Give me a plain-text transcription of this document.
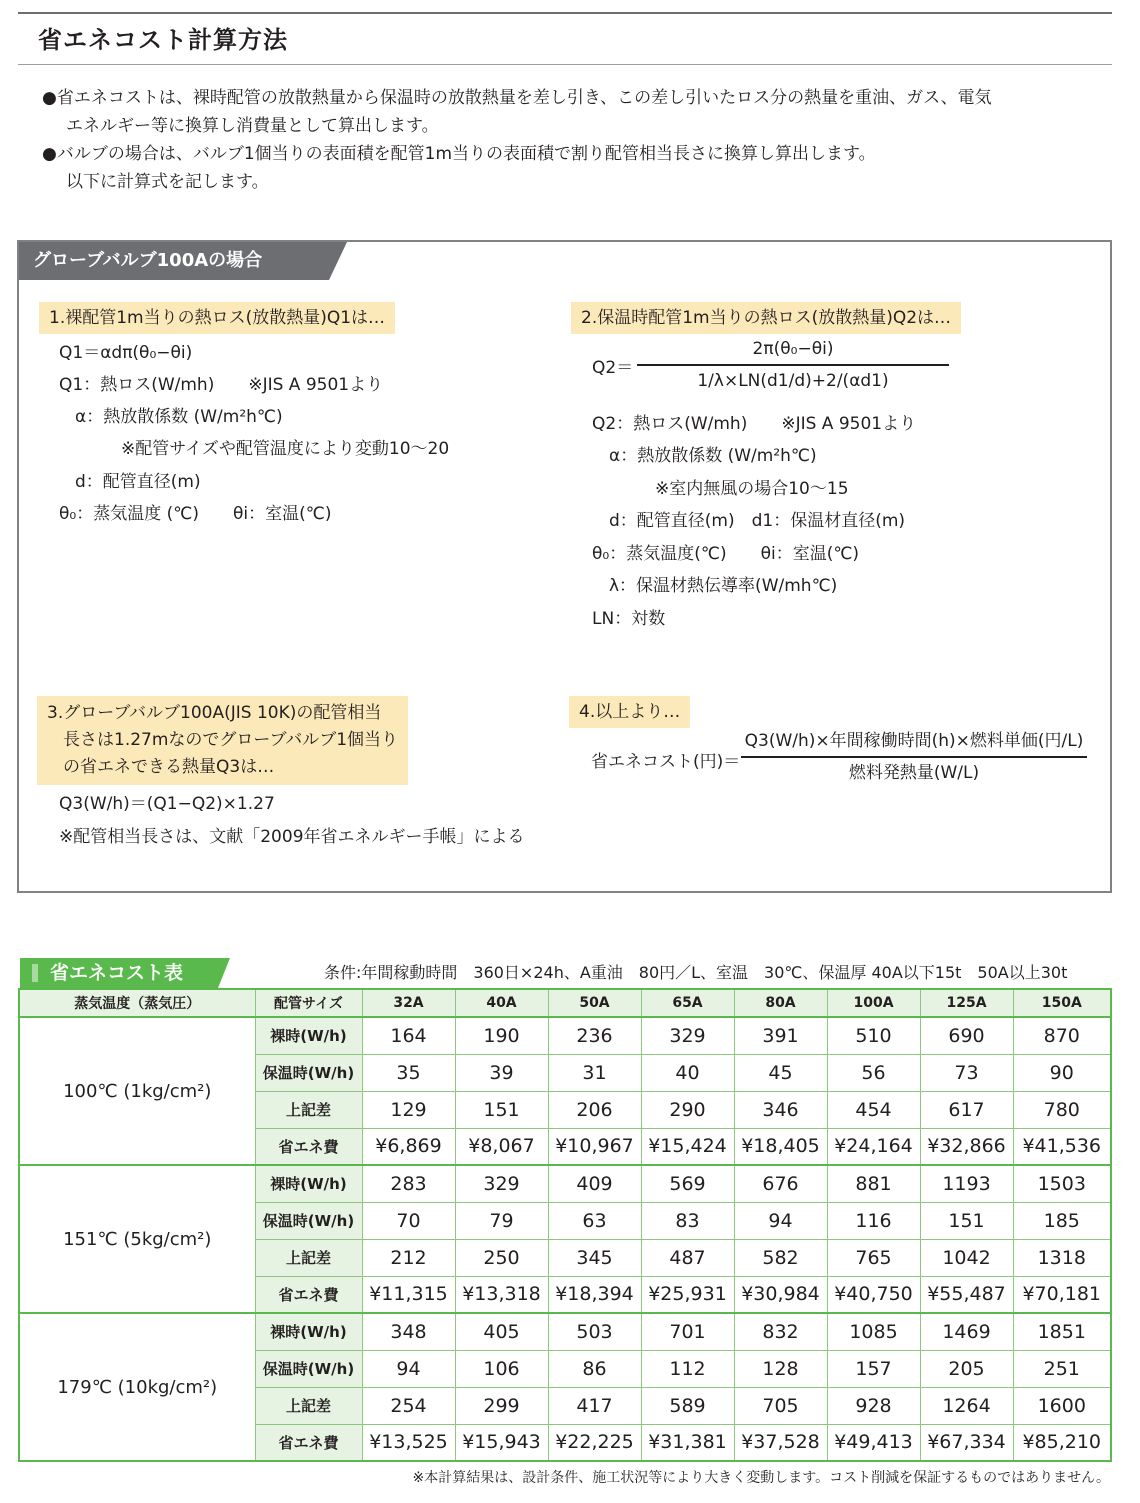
省エネコスト計算方法

●省エネコストは、裸時配管の放散熱量から保温時の放散熱量を差し引き、この差し引いたロス分の熱量を重油、ガス、電気

エネルギー等に換算し消費量として算出します。

●バルブの場合は、バルブ1個当りの表面積を配管1m当りの表面積で割り配管相当長さに換算し算出します。

以下に計算式を記します。

グローブバルブ100Aの場合
1.裸配管1m当りの熱ロス(放散熱量)Q1は…
Q1＝αdπ(θ₀−θi)
Q1：熱ロス(W/mh)　　※JIS A 9501より
α：熱放散係数 (W/m²h℃)
※配管サイズや配管温度により変動10〜20
d：配管直径(m)
θ₀：蒸気温度 (℃)　　θi：室温(℃)
2.保温時配管1m当りの熱ロス(放散熱量)Q2は…
Q2＝
2π(θ₀−θi)
1/λ×LN(d1/d)+2/(αd1)
Q2：熱ロス(W/mh)　　※JIS A 9501より
α：熱放散係数 (W/m²h℃)
※室内無風の場合10〜15
d：配管直径(m)　d1：保温材直径(m)
θ₀：蒸気温度(℃)　　θi：室温(℃)
λ：保温材熱伝導率(W/mh℃)
LN：対数
3.グローブバルブ100A(JIS 10K)の配管相当
長さは1.27mなのでグローブバルブ1個当り
の省エネできる熱量Q3は…
Q3(W/h)＝(Q1−Q2)×1.27
※配管相当長さは、文献「2009年省エネルギー手帳」による
4.以上より…
省エネコスト(円)＝
Q3(W/h)×年間稼働時間(h)×燃料単価(円/L)
燃料発熱量(W/L)
省エネコスト表	条件:年間稼動時間　360日×24h、A重油　80円／L、室温　30℃、保温厚 40A以下15t　50A以上30t
蒸気温度（蒸気圧）	配管サイズ	32A	40A	50A	65A	80A	100A	125A	150A
100℃ (1kg/cm²)	裸時(W/h)	164	190	236	329	391	510	690	870
	保温時(W/h)	35	39	31	40	45	56	73	90
	上記差	129	151	206	290	346	454	617	780
	省エネ費	¥6,869	¥8,067	¥10,967	¥15,424	¥18,405	¥24,164	¥32,866	¥41,536
151℃ (5kg/cm²)	裸時(W/h)	283	329	409	569	676	881	1193	1503
	保温時(W/h)	70	79	63	83	94	116	151	185
	上記差	212	250	345	487	582	765	1042	1318
	省エネ費	¥11,315	¥13,318	¥18,394	¥25,931	¥30,984	¥40,750	¥55,487	¥70,181
179℃ (10kg/cm²)	裸時(W/h)	348	405	503	701	832	1085	1469	1851
	保温時(W/h)	94	106	86	112	128	157	205	251
	上記差	254	299	417	589	705	928	1264	1600
	省エネ費	¥13,525	¥15,943	¥22,225	¥31,381	¥37,528	¥49,413	¥67,334	¥85,210
※本計算結果は、設計条件、施工状況等により大きく変動します。コスト削減を保証するものではありません。
